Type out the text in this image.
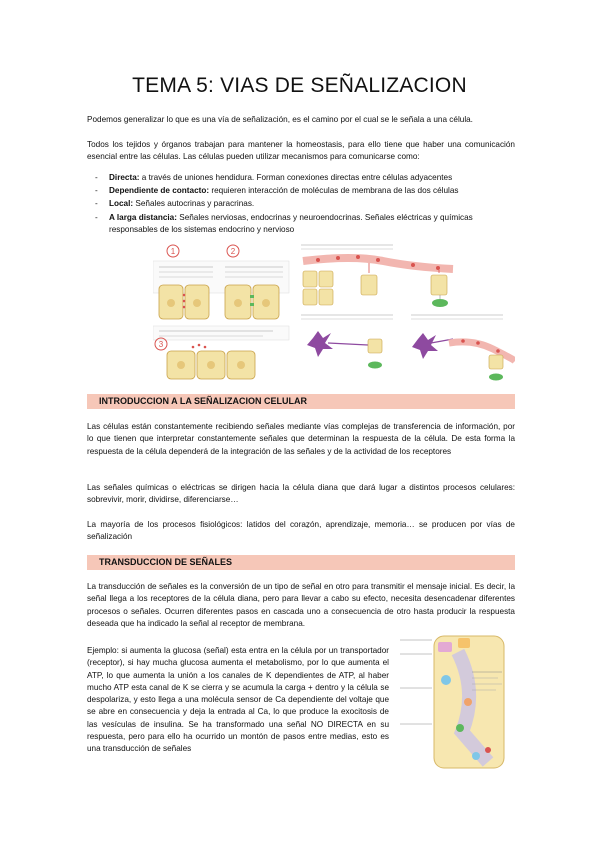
TEMA 5: VIAS DE SEÑALIZACION
Podemos generalizar lo que es una vía de señalización, es el camino por el cual se le señala a una célula.
Todos los tejidos y órganos trabajan para mantener la homeostasis, para ello tiene que haber una comunicación esencial entre las células. Las células pueden utilizar mecanismos para comunicarse como:
- Directa: a través de uniones hendidura. Forman conexiones directas entre células adyacentes
- Dependiente de contacto: requieren interacción de moléculas de membrana de las dos células
- Local: Señales autocrinas y paracrinas.
- A larga distancia: Señales nerviosas, endocrinas y neuroendocrinas. Señales eléctricas y químicas responsables de los sistemas endocrino y nervioso
1	2
3
INTRODUCCION A LA SEÑALIZACION CELULAR
Las células están constantemente recibiendo señales mediante vías complejas de transferencia de información, por lo que tienen que interpretar constantemente señales que determinan la respuesta de la célula. De esta forma la respuesta de la célula dependerá de la integración de las señales y de la actividad de los receptores
Las señales químicas o eléctricas se dirigen hacia la célula diana que dará lugar a distintos procesos celulares: sobrevivir, morir, dividirse, diferenciarse…
La mayoría de los procesos fisiológicos: latidos del coraz̤ón, aprendizaje, memoria… se producen por vías de señalización
TRANSDUCCION DE SEÑALES
La transducción de señales es la conversión de un tipo de señal en otro para transmitir el mensaje inicial. Es decir, la señal llega a los receptores de la célula diana, pero para llevar a cabo su efecto, necesita desencadenar diferentes procesos o señales. Ocurren diferentes pasos en cascada uno a consecuencia de otro hasta producir la respuesta deseada que ha indicado la señal al receptor de membrana.
Ejemplo: si aumenta la glucosa (señal) esta entra en la célula por un transportador (receptor), si hay mucha glucosa aumenta el metabolismo, por lo que aumenta el ATP, lo que aumenta la unión a los canales de K dependientes de ATP, al haber mucho ATP esta canal de K se cierra y se acumula la carga + dentro y la célula se despolariza, y esto llega a una molécula sensor de Ca dependiente del voltaje que se abre en consecuencia y deja la entrada al Ca, lo que produce la exocitosis de las vesículas de insulina. Se ha transformado una señal NO DIRECTA en su respuesta, pero para ello ha ocurrido un montón de pasos entre medias, esto es una transducción de señales
